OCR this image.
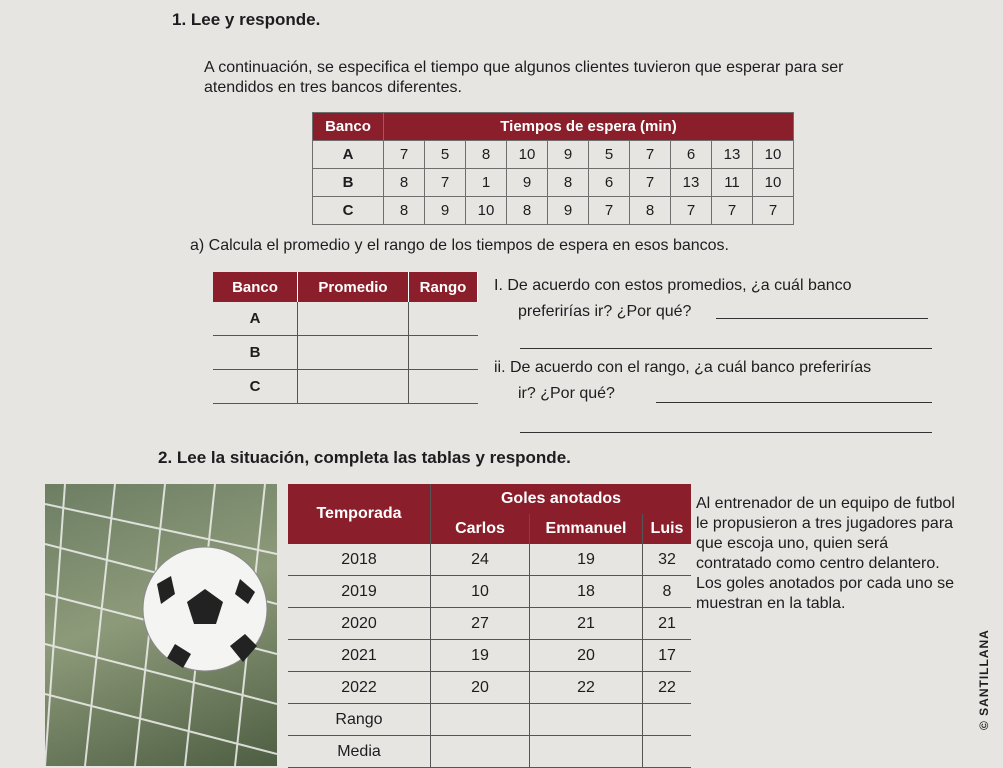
1. Lee y responde.
A continuación, se especifica el tiempo que algunos clientes tuvieron que esperar para ser atendidos en tres bancos diferentes.
Banco	Tiempos de espera (min)									
A	7	5	8	10	9	5	7	6	13	10
B	8	7	1	9	8	6	7	13	11	10
C	8	9	10	8	9	7	8	7	7	7
a) Calcula el promedio y el rango de los tiempos de espera en esos bancos.
Banco	Promedio	Rango
A		
B		
C		
I. De acuerdo con estos promedios, ¿a cuál banco
preferirías ir? ¿Por qué?
ii. De acuerdo con el rango, ¿a cuál banco preferirías
ir? ¿Por qué?
2. Lee la situación, completa las tablas y responde.
Temporada	Goles anotados		
	Carlos	Emmanuel	Luis
2018	24	19	32
2019	10	18	8
2020	27	21	21
2021	19	20	17
2022	20	22	22
Rango			
Media			
Al entrenador de un equipo de futbol le propusieron a tres jugadores para que escoja uno, quien será contratado como centro delantero. Los goles anotados por cada uno se muestran en la tabla.
© SANTILLANA
